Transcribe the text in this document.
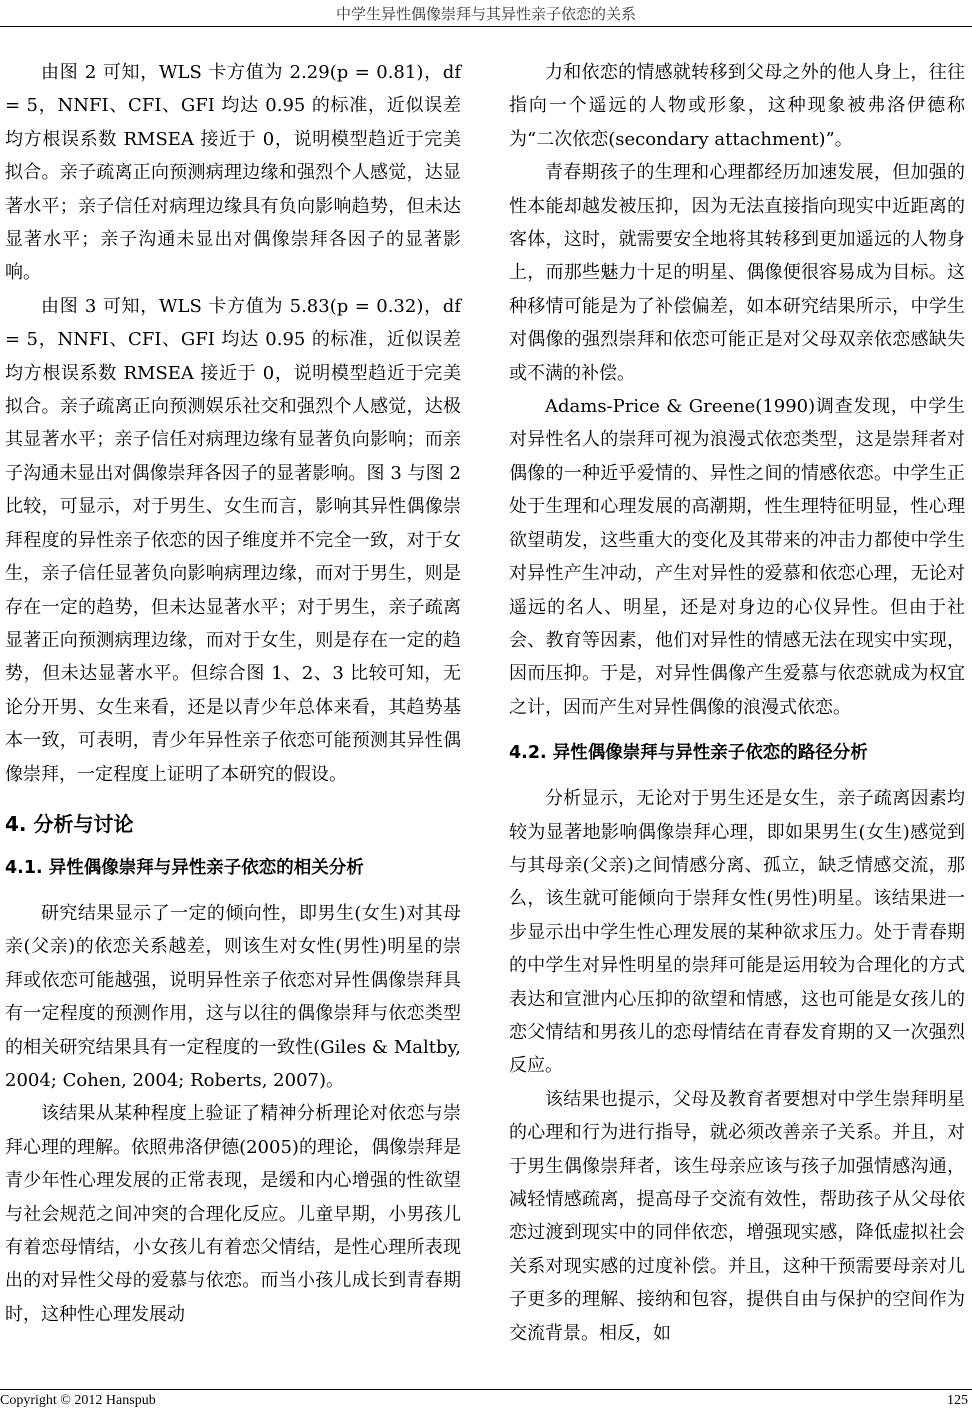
中学生异性偶像崇拜与其异性亲子依恋的关系

由图 2 可知，WLS 卡方值为 2.29(p = 0.81)，df = 5，NNFI、CFI、GFI 均达 0.95 的标准，近似误差均方根误系数 RMSEA 接近于 0，说明模型趋近于完美拟合。亲子疏离正向预测病理边缘和强烈个人感觉，达显著水平；亲子信任对病理边缘具有负向影响趋势，但未达显著水平；亲子沟通未显出对偶像崇拜各因子的显著影响。

由图 3 可知，WLS 卡方值为 5.83(p = 0.32)，df = 5，NNFI、CFI、GFI 均达 0.95 的标准，近似误差均方根误系数 RMSEA 接近于 0，说明模型趋近于完美拟合。亲子疏离正向预测娱乐社交和强烈个人感觉，达极其显著水平；亲子信任对病理边缘有显著负向影响；而亲子沟通未显出对偶像崇拜各因子的显著影响。图 3 与图 2 比较，可显示，对于男生、女生而言，影响其异性偶像崇拜程度的异性亲子依恋的因子维度并不完全一致，对于女生，亲子信任显著负向影响病理边缘，而对于男生，则是存在一定的趋势，但未达显著水平；对于男生，亲子疏离显著正向预测病理边缘，而对于女生，则是存在一定的趋势，但未达显著水平。但综合图 1、2、3 比较可知，无论分开男、女生来看，还是以青少年总体来看，其趋势基本一致，可表明，青少年异性亲子依恋可能预测其异性偶像崇拜，一定程度上证明了本研究的假设。

4. 分析与讨论
4.1. 异性偶像崇拜与异性亲子依恋的相关分析

研究结果显示了一定的倾向性，即男生(女生)对其母亲(父亲)的依恋关系越差，则该生对女性(男性)明星的崇拜或依恋可能越强，说明异性亲子依恋对异性偶像崇拜具有一定程度的预测作用，这与以往的偶像崇拜与依恋类型的相关研究结果具有一定程度的一致性(Giles & Maltby, 2004; Cohen, 2004; Roberts, 2007)。

该结果从某种程度上验证了精神分析理论对依恋与崇拜心理的理解。依照弗洛伊德(2005)的理论，偶像崇拜是青少年性心理发展的正常表现，是缓和内心增强的性欲望与社会规范之间冲突的合理化反应。儿童早期，小男孩儿有着恋母情结，小女孩儿有着恋父情结，是性心理所表现出的对异性父母的爱慕与依恋。而当小孩儿成长到青春期时，这种性心理发展动

力和依恋的情感就转移到父母之外的他人身上，往往指向一个遥远的人物或形象，这种现象被弗洛伊德称为“二次依恋(secondary attachment)”。

青春期孩子的生理和心理都经历加速发展，但加强的性本能却越发被压抑，因为无法直接指向现实中近距离的客体，这时，就需要安全地将其转移到更加遥远的人物身上，而那些魅力十足的明星、偶像便很容易成为目标。这种移情可能是为了补偿偏差，如本研究结果所示，中学生对偶像的强烈崇拜和依恋可能正是对父母双亲依恋感缺失或不满的补偿。

Adams-Price & Greene(1990)调查发现，中学生对异性名人的崇拜可视为浪漫式依恋类型，这是崇拜者对偶像的一种近乎爱情的、异性之间的情感依恋。中学生正处于生理和心理发展的高潮期，性生理特征明显，性心理欲望萌发，这些重大的变化及其带来的冲击力都使中学生对异性产生冲动，产生对异性的爱慕和依恋心理，无论对遥远的名人、明星，还是对身边的心仪异性。但由于社会、教育等因素，他们对异性的情感无法在现实中实现，因而压抑。于是，对异性偶像产生爱慕与依恋就成为权宜之计，因而产生对异性偶像的浪漫式依恋。

4.2. 异性偶像崇拜与异性亲子依恋的路径分析

分析显示，无论对于男生还是女生，亲子疏离因素均较为显著地影响偶像崇拜心理，即如果男生(女生)感觉到与其母亲(父亲)之间情感分离、孤立，缺乏情感交流，那么，该生就可能倾向于崇拜女性(男性)明星。该结果进一步显示出中学生性心理发展的某种欲求压力。处于青春期的中学生对异性明星的崇拜可能是运用较为合理化的方式表达和宣泄内心压抑的欲望和情感，这也可能是女孩儿的恋父情结和男孩儿的恋母情结在青春发育期的又一次强烈反应。

该结果也提示，父母及教育者要想对中学生崇拜明星的心理和行为进行指导，就必须改善亲子关系。并且，对于男生偶像崇拜者，该生母亲应该与孩子加强情感沟通，减轻情感疏离，提高母子交流有效性，帮助孩子从父母依恋过渡到现实中的同伴依恋，增强现实感，降低虚拟社会关系对现实感的过度补偿。并且，这种干预需要母亲对儿子更多的理解、接纳和包容，提供自由与保护的空间作为交流背景。相反，如

Copyright © 2012 Hanspub	125
